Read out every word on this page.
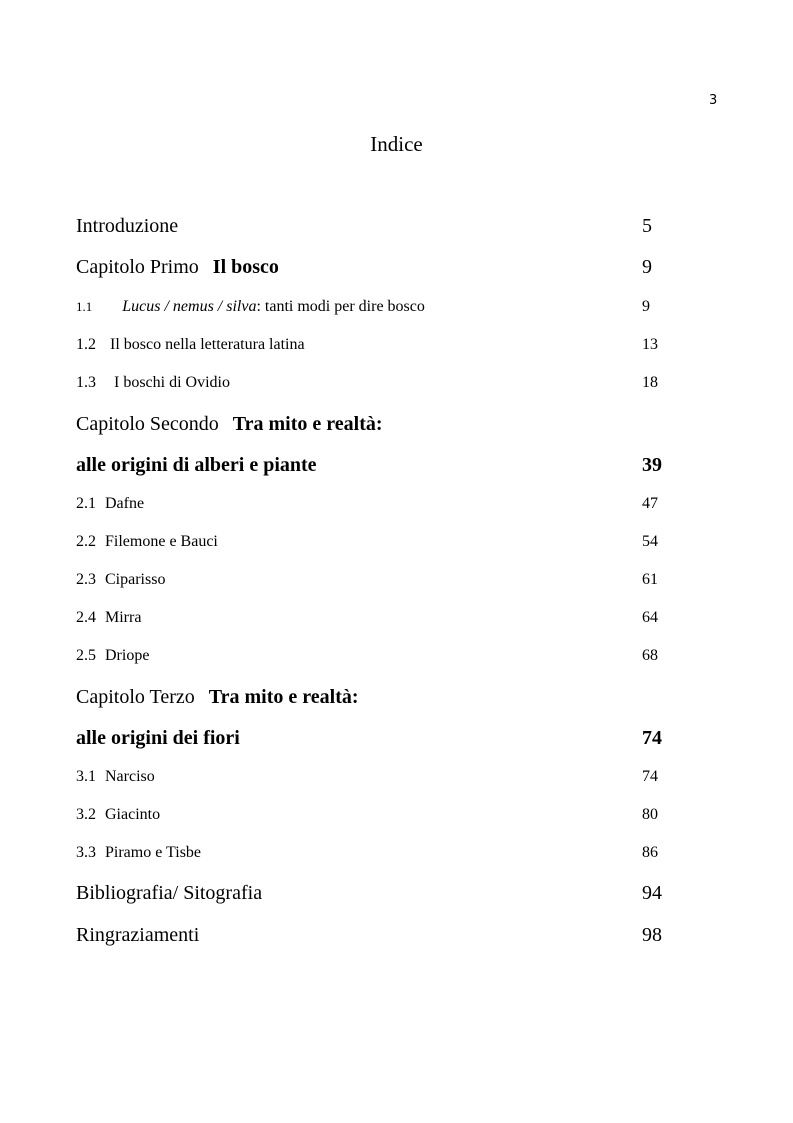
3
Indice
Introduzione	5
Capitolo Primo Il bosco	9
1.1 Lucus / nemus / silva: tanti modi per dire bosco	9
1.2 Il bosco nella letteratura latina	13
1.3 I boschi di Ovidio	18
Capitolo Secondo Tra mito e realtà:
alle origini di alberi e piante	39
2.1 Dafne	47
2.2 Filemone e Bauci	54
2.3 Ciparisso	61
2.4 Mirra	64
2.5 Driope	68
Capitolo Terzo Tra mito e realtà:
alle origini dei fiori	74
3.1 Narciso	74
3.2 Giacinto	80
3.3 Piramo e Tisbe	86
Bibliografia/ Sitografia	94
Ringraziamenti	98
